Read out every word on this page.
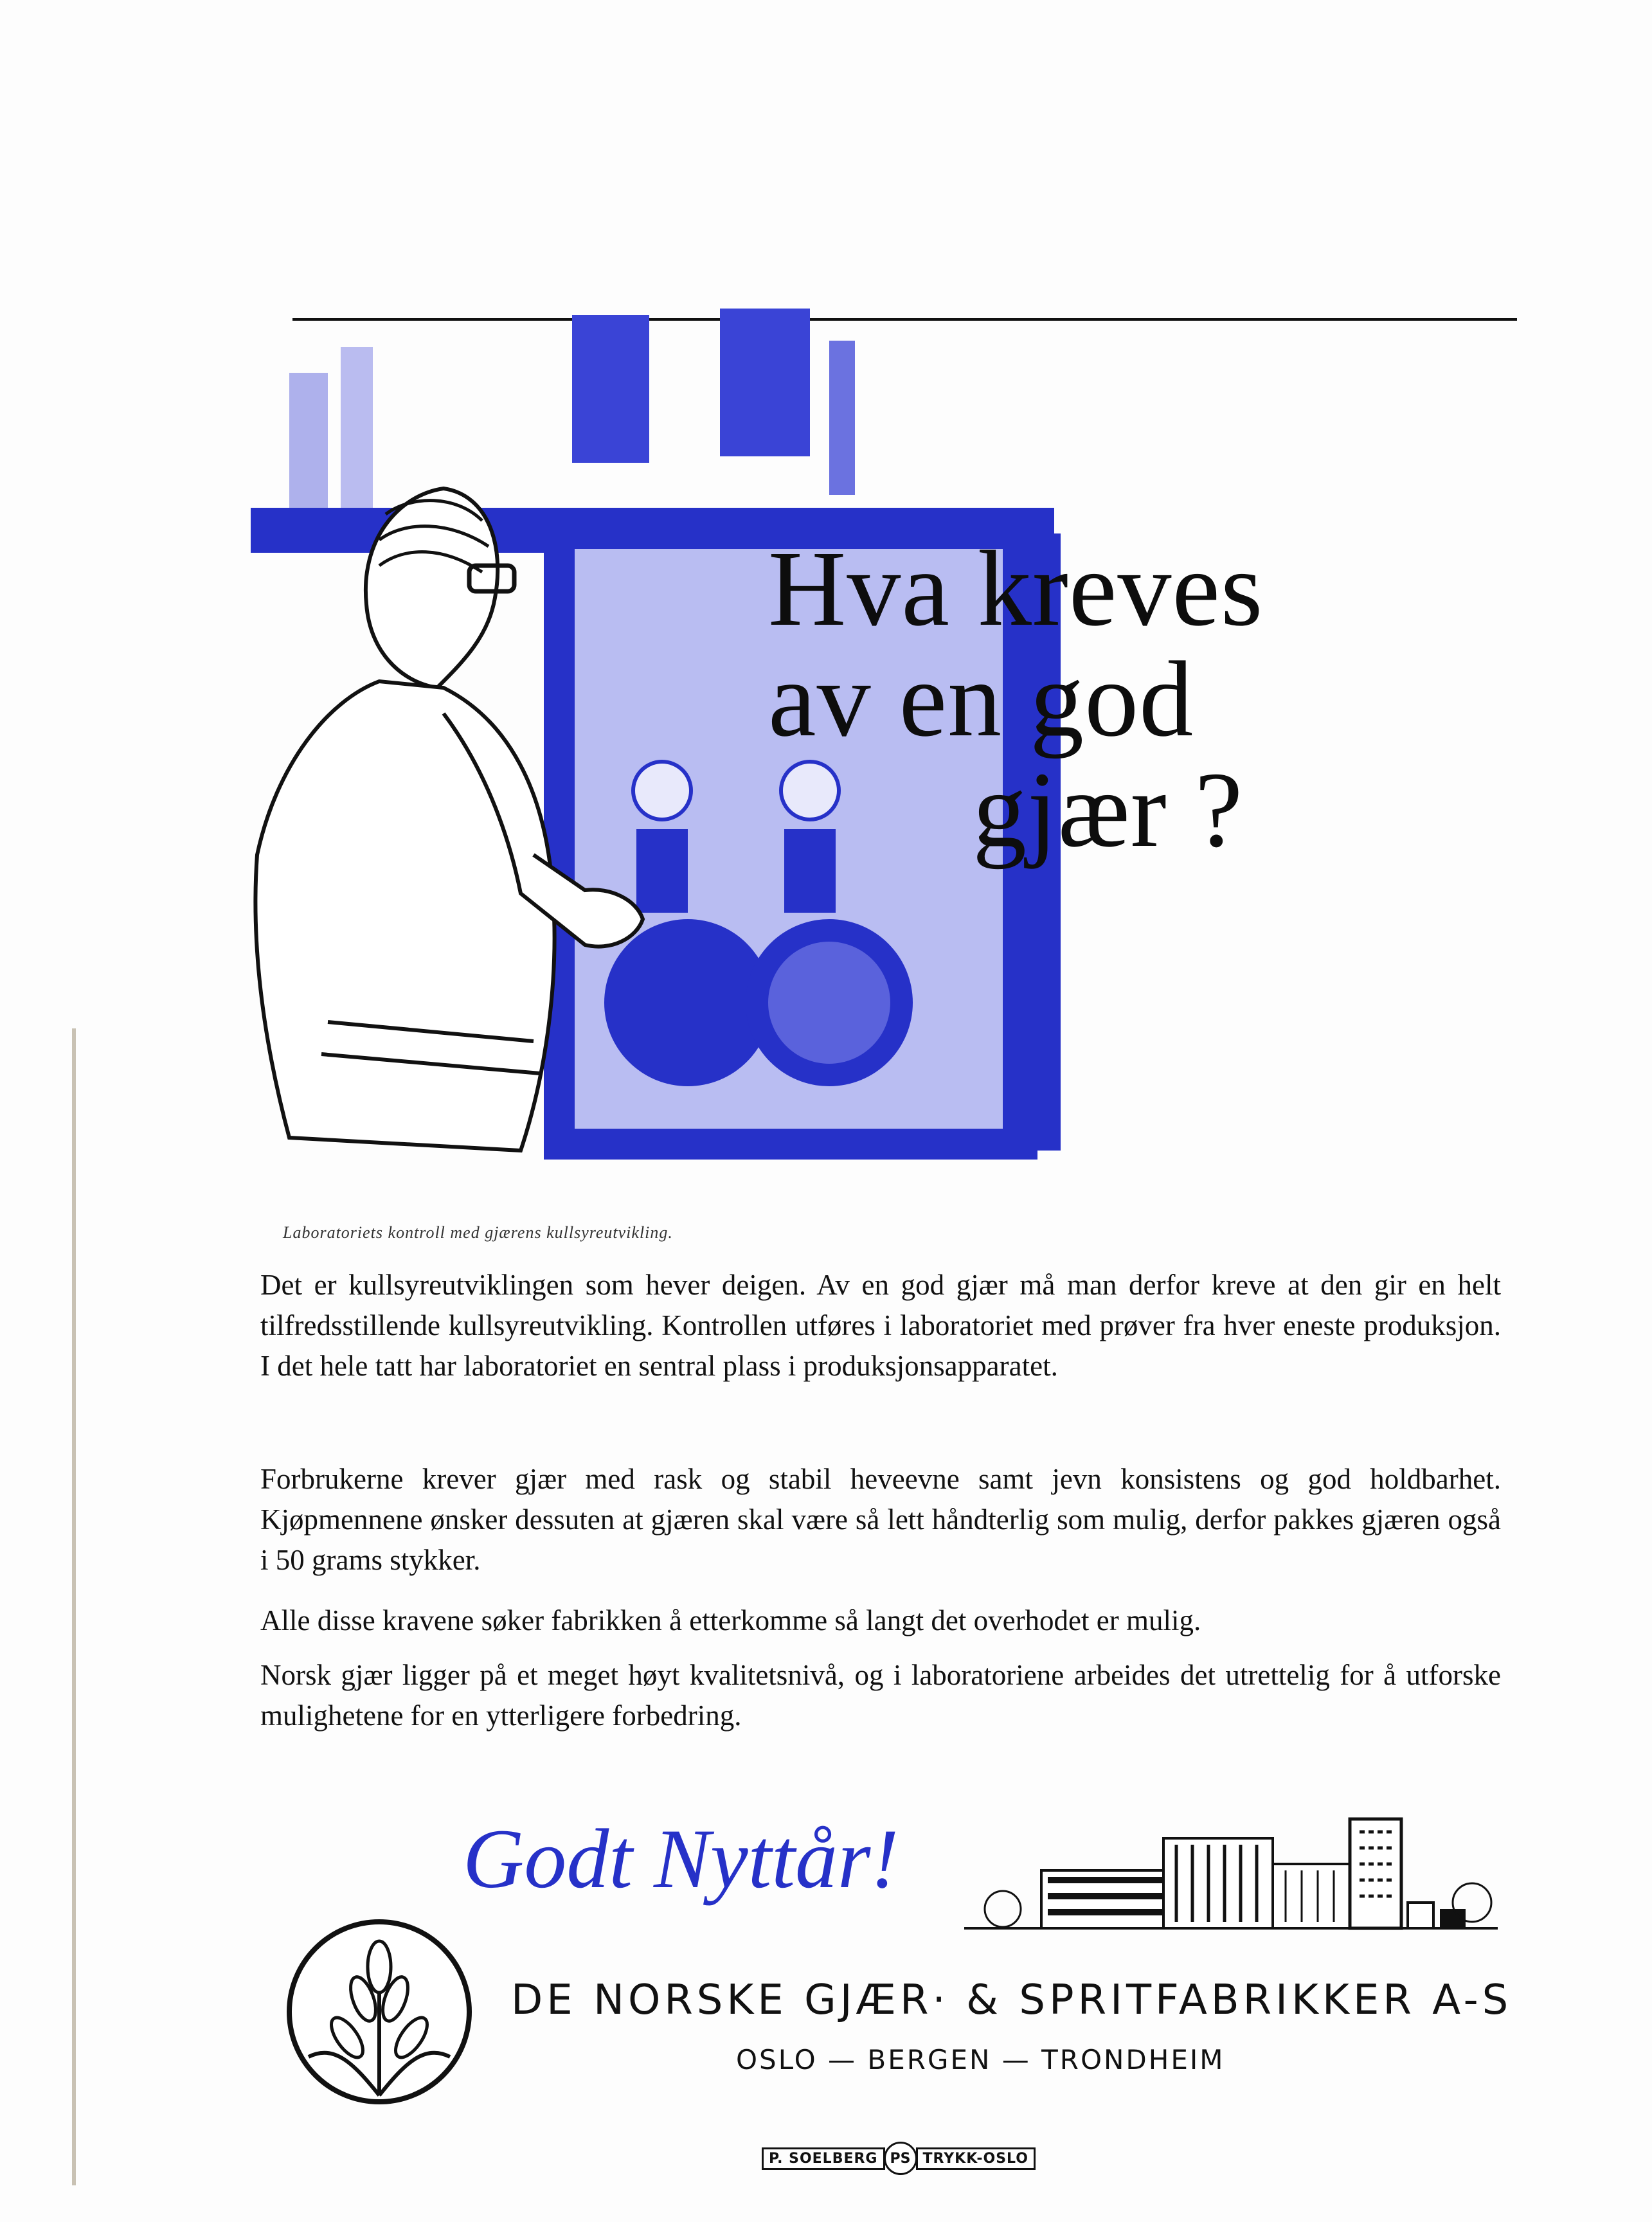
Hva kreves
av en god
gjær ?
Laboratoriets kontroll med gjærens kullsyreutvikling.
Det er kullsyreutviklingen som hever deigen. Av en god gjær må man derfor kreve at den gir en helt tilfredsstillende kullsyreutvikling. Kontrollen utføres i laboratoriet med prøver fra hver eneste produksjon. I det hele tatt har laboratoriet en sentral plass i produksjonsapparatet.
Forbrukerne krever gjær med rask og stabil heveevne samt jevn konsistens og god holdbarhet. Kjøpmennene ønsker dessuten at gjæren skal være så lett håndterlig som mulig, derfor pakkes gjæren også i 50 grams stykker.
Alle disse kravene søker fabrikken å etterkomme så langt det overhodet er mulig.
Norsk gjær ligger på et meget høyt kvalitetsnivå, og i laboratoriene arbeides det utrettelig for å utforske mulighetene for en ytterligere forbedring.
Godt Nyttår!
DE NORSKE GJÆR· & SPRITFABRIKKER A-S
OSLO — BERGEN — TRONDHEIM
P. SOELBERG PS TRYKK-OSLO
